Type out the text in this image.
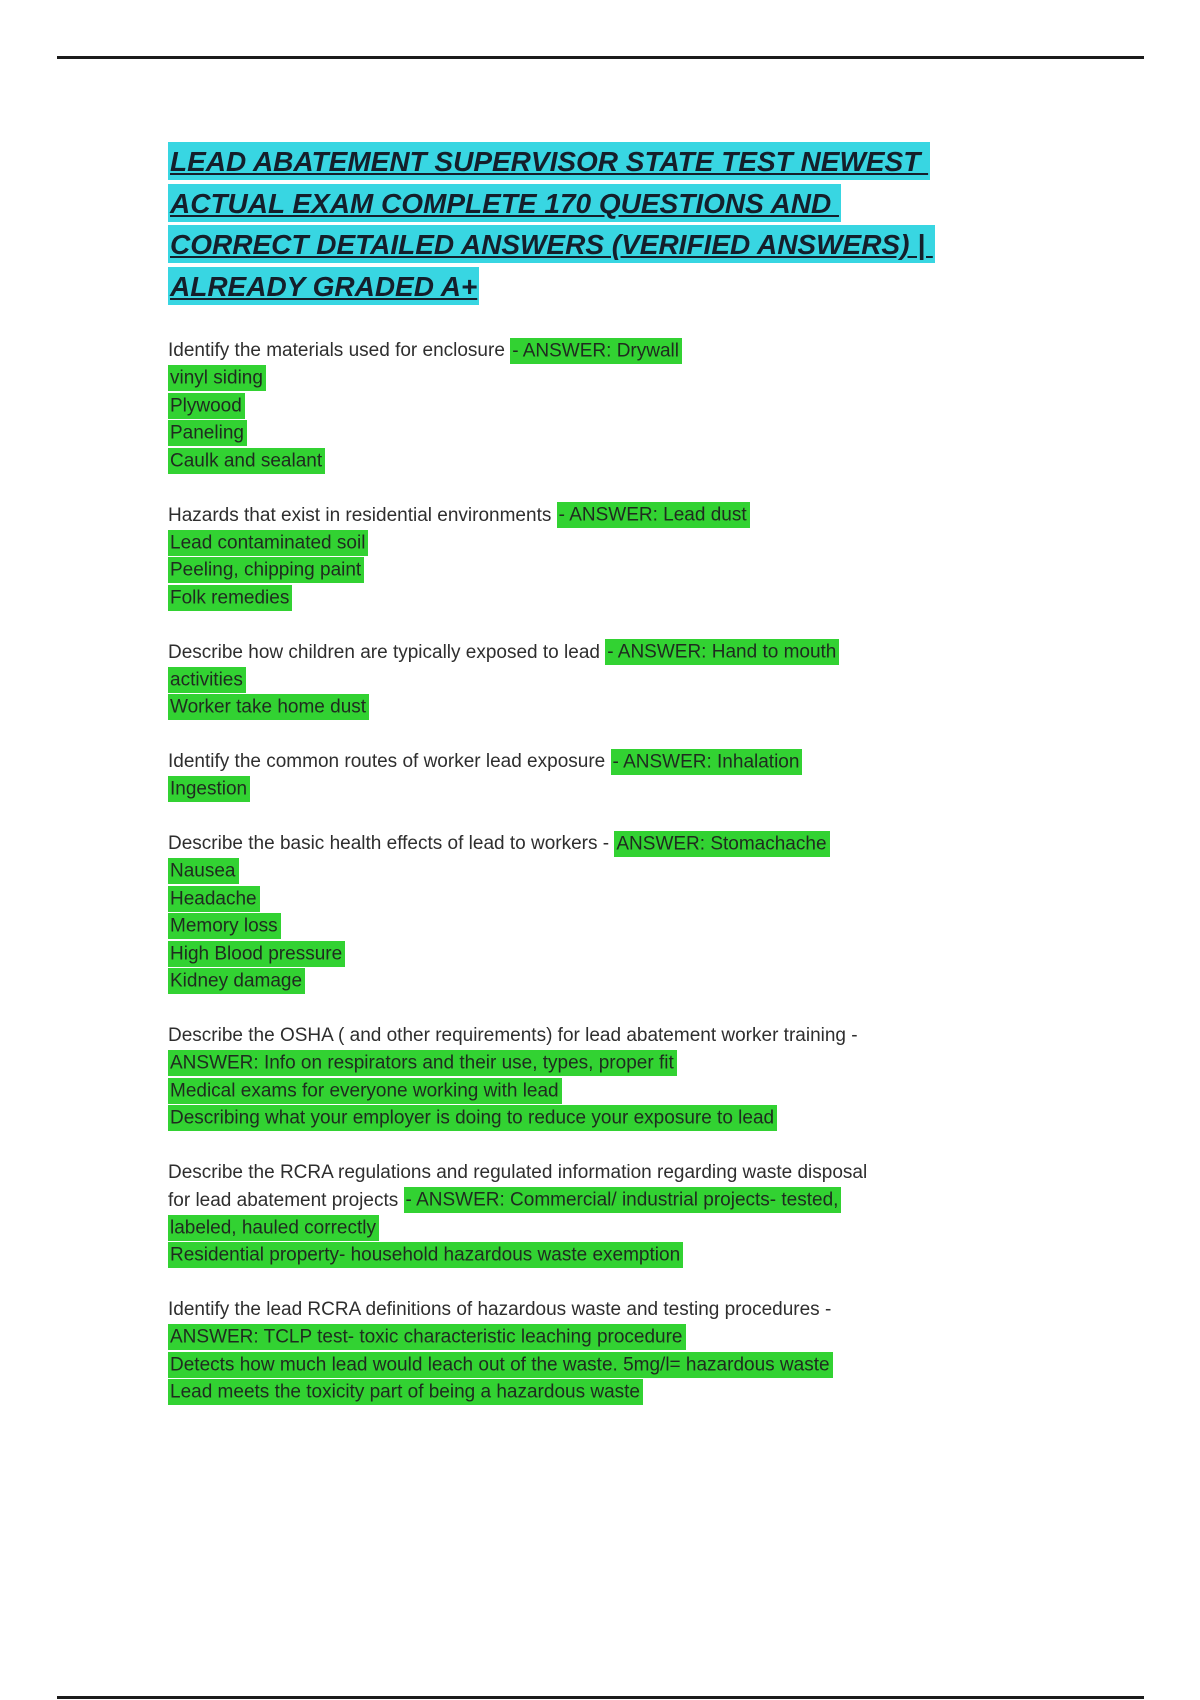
LEAD ABATEMENT SUPERVISOR STATE TEST NEWEST
ACTUAL EXAM COMPLETE 170 QUESTIONS AND
CORRECT DETAILED ANSWERS (VERIFIED ANSWERS) |
ALREADY GRADED A+

Identify the materials used for enclosure - ANSWER: Drywall
vinyl siding
Plywood
Paneling
Caulk and sealant

Hazards that exist in residential environments - ANSWER: Lead dust
Lead contaminated soil
Peeling, chipping paint
Folk remedies

Describe how children are typically exposed to lead - ANSWER: Hand to mouth
activities
Worker take home dust

Identify the common routes of worker lead exposure - ANSWER: Inhalation
Ingestion

Describe the basic health effects of lead to workers - ANSWER: Stomachache
Nausea
Headache
Memory loss
High Blood pressure
Kidney damage

Describe the OSHA ( and other requirements) for lead abatement worker training -
ANSWER: Info on respirators and their use, types, proper fit
Medical exams for everyone working with lead
Describing what your employer is doing to reduce your exposure to lead

Describe the RCRA regulations and regulated information regarding waste disposal
for lead abatement projects - ANSWER: Commercial/ industrial projects- tested,
labeled, hauled correctly
Residential property- household hazardous waste exemption

Identify the lead RCRA definitions of hazardous waste and testing procedures -
ANSWER: TCLP test- toxic characteristic leaching procedure
Detects how much lead would leach out of the waste. 5mg/l= hazardous waste
Lead meets the toxicity part of being a hazardous waste
